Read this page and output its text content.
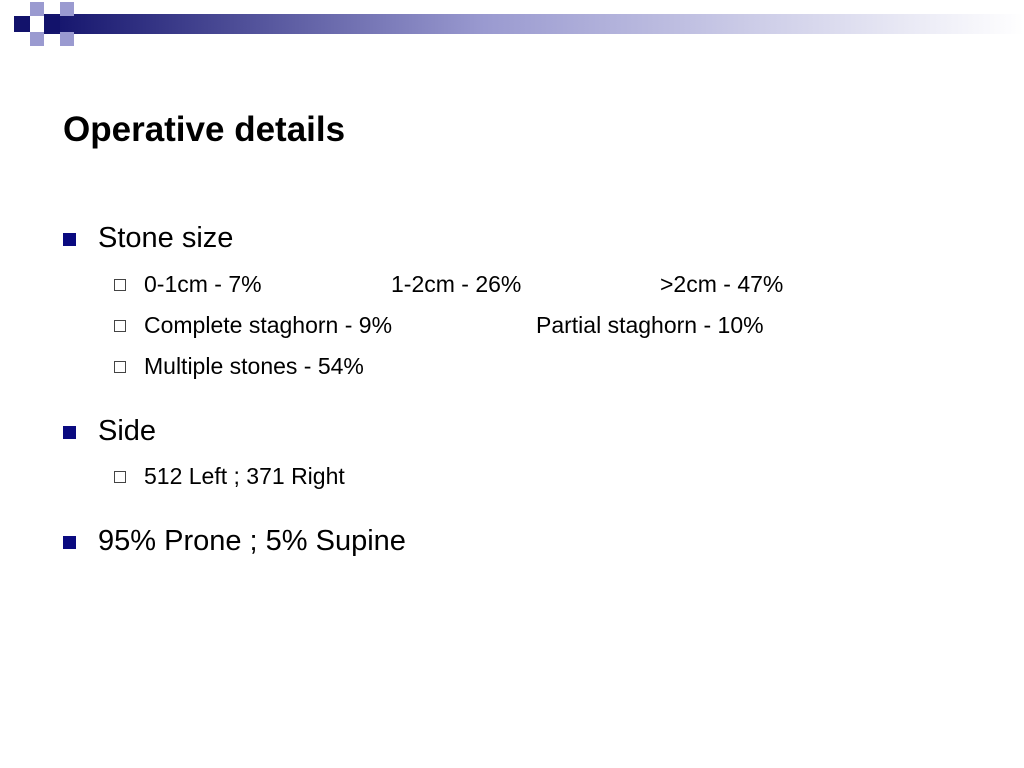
Operative details
Stone size
0-1cm - 7%	1-2cm - 26%	>2cm - 47%
Complete staghorn - 9%	Partial staghorn - 10%
Multiple stones - 54%
Side
512 Left ; 371 Right
95% Prone ; 5% Supine
